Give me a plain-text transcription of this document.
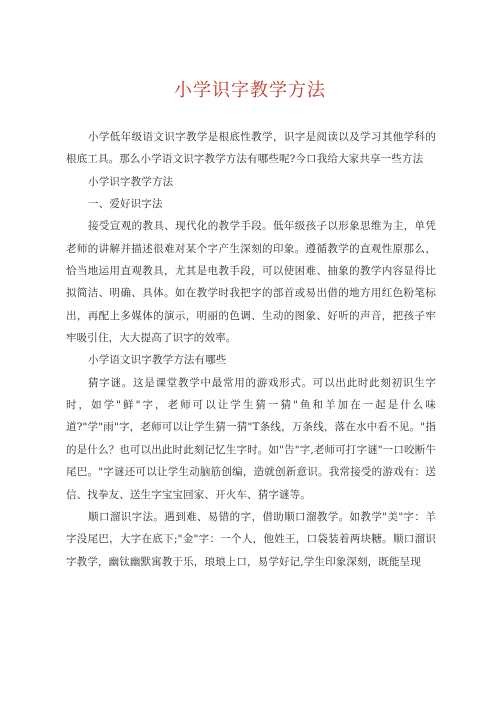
小学识字教学方法

小学低年级语文识字教学是根底性教学，识字是阅读以及学习其他学科的根底工具。那么小学语文识字教学方法有哪些呢?今口我给大家共享一些方法

小学识字教学方法

一、爱好识字法

接受宣观的教具、现代化的教学手段。低年级孩子以形象思维为主，单凭老师的讲解并描述很难对某个字产生深刻的印象。遵循教学的直观性原那么，恰当地运用直观教具，尤其是电教手段，可以使困难、抽象的教学内容显得比拟简洁、明确、具体。如在教学时我把字的部首或易出借的地方用红色粉笔标出，再配上多媒体的演示，明丽的色调、生动的图象、好听的声音，把孩子牢牢吸引住，大大提高了识字的效率。

小学语文识字教学方法有哪些

猜字谜。这是课堂教学中最常用的游戏形式。可以出此时此刻初识生字时，如学"鲜"字，老师可以让学生猜一猜"鱼和羊加在一起是什么味道?"学"雨"字，老师可以让学生猜一猜"T条线，万条线，落在水中看不见。"指的是什么？也可以出此时此刻记忆生字时。如"告"字,老师可打字谜"一口咬断牛尾巴。"字谜还可以让学生动脑筋创编，造就创新意识。我常接受的游戏有：送信、找拳友、送生字宝宝回家、开火车、猜字谜等。

顺口溜识字法。遇到难、易错的字，借助顺口溜教学。如教学"美"字：羊字没尾巴，大字在底下;"金"字：一个人，他姓王，口袋装着两块糖。顺口溜识字教学，幽钛幽默寓教于乐，琅琅上口，易学好记,学生印象深刻，既能呈现
